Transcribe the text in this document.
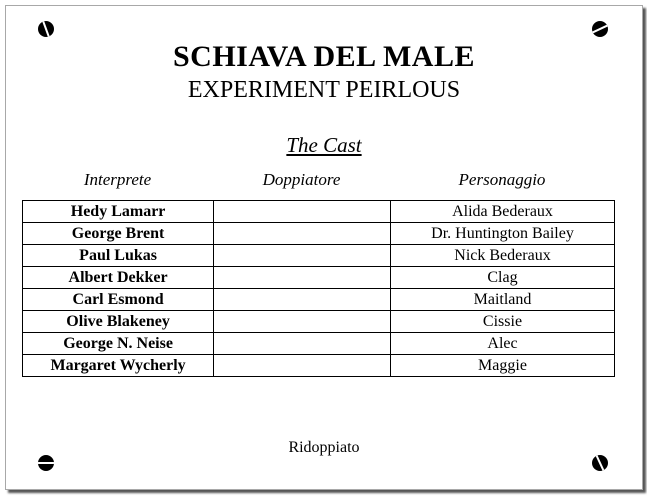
SCHIAVA DEL MALE
EXPERIMENT PEIRLOUS
The Cast
Interprete	Doppiatore	Personaggio
Hedy Lamarr		Alida Bederaux
George Brent		Dr. Huntington Bailey
Paul Lukas		Nick Bederaux
Albert Dekker		Clag
Carl Esmond		Maitland
Olive Blakeney		Cissie
George N. Neise		Alec
Margaret Wycherly		Maggie
Ridoppiato
